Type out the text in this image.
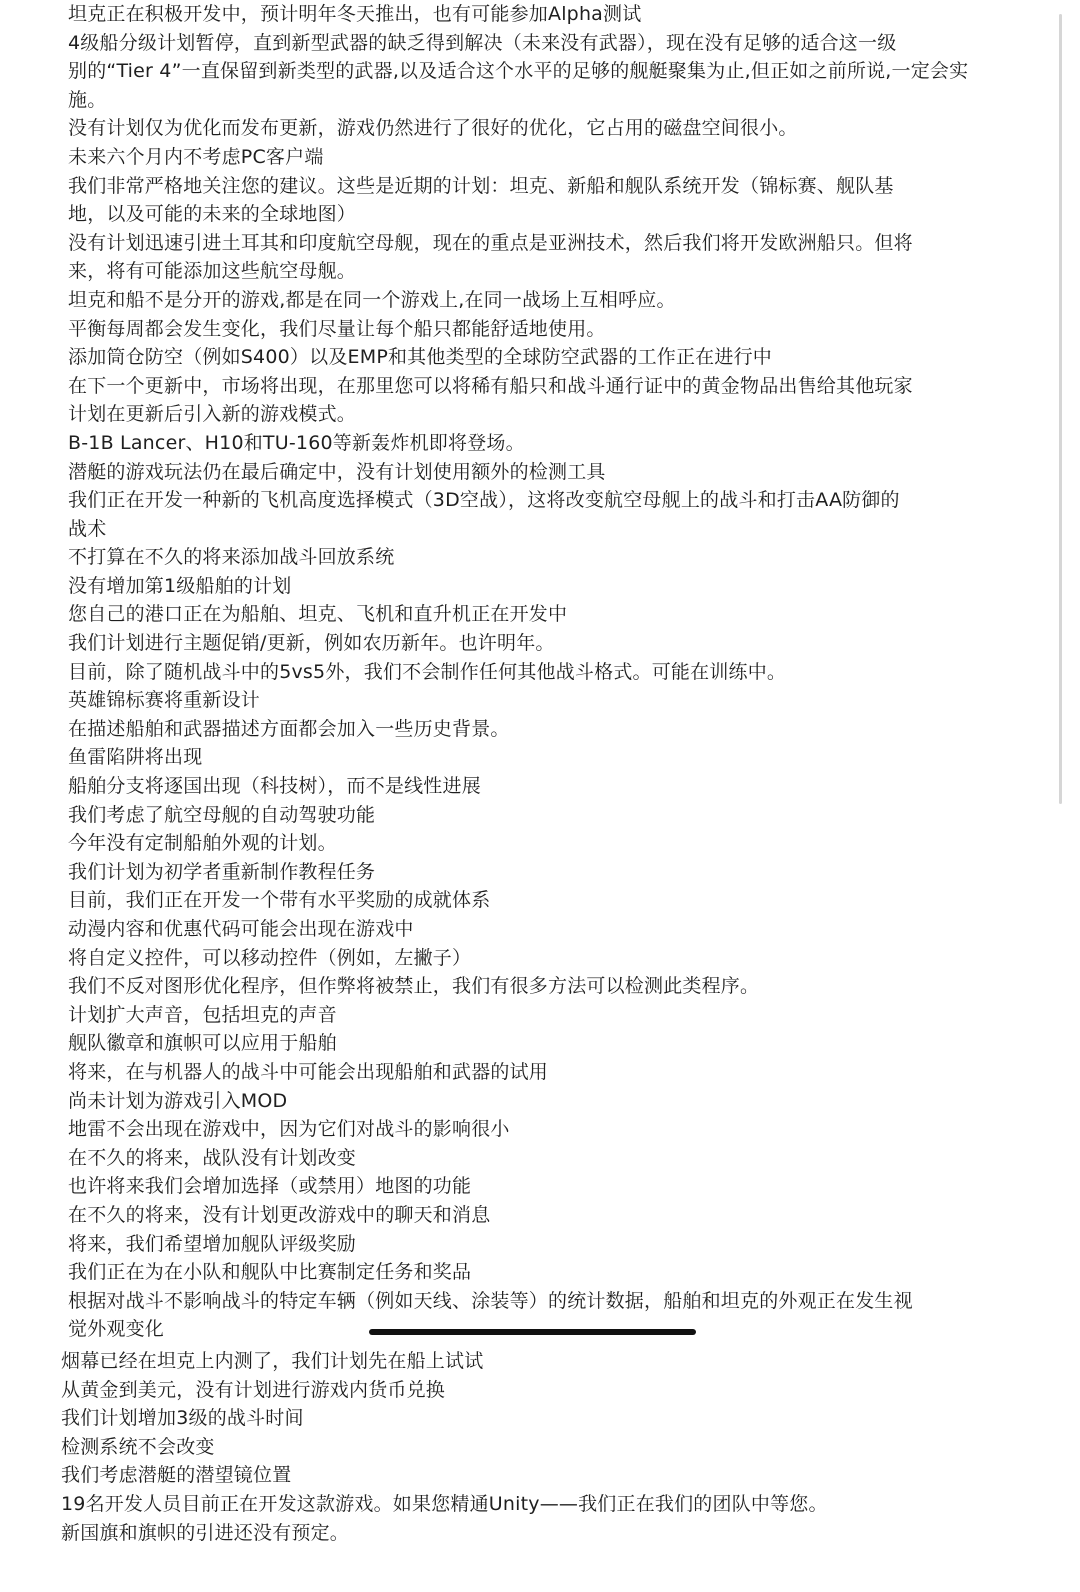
坦克正在积极开发中，预计明年冬天推出，也有可能参加Alpha测试
4级船分级计划暂停，直到新型武器的缺乏得到解决（未来没有武器），现在没有足够的适合这一级
别的“Tier 4”一直保留到新类型的武器,以及适合这个水平的足够的舰艇聚集为止,但正如之前所说,一定会实
施。
没有计划仅为优化而发布更新，游戏仍然进行了很好的优化，它占用的磁盘空间很小。
未来六个月内不考虑PC客户端
我们非常严格地关注您的建议。这些是近期的计划：坦克、新船和舰队系统开发（锦标赛、舰队基
地，以及可能的未来的全球地图）
没有计划迅速引进土耳其和印度航空母舰，现在的重点是亚洲技术，然后我们将开发欧洲船只。但将
来，将有可能添加这些航空母舰。
坦克和船不是分开的游戏,都是在同一个游戏上,在同一战场上互相呼应。
平衡每周都会发生变化，我们尽量让每个船只都能舒适地使用。
添加筒仓防空（例如S400）以及EMP和其他类型的全球防空武器的工作正在进行中
在下一个更新中，市场将出现，在那里您可以将稀有船只和战斗通行证中的黄金物品出售给其他玩家
计划在更新后引入新的游戏模式。
B-1B Lancer、H10和TU-160等新轰炸机即将登场。
潜艇的游戏玩法仍在最后确定中，没有计划使用额外的检测工具
我们正在开发一种新的飞机高度选择模式（3D空战），这将改变航空母舰上的战斗和打击AA防御的
战术
不打算在不久的将来添加战斗回放系统
没有增加第1级船舶的计划
您自己的港口正在为船舶、坦克、飞机和直升机正在开发中
我们计划进行主题促销/更新，例如农历新年。也许明年。
目前，除了随机战斗中的5vs5外，我们不会制作任何其他战斗格式。可能在训练中。
英雄锦标赛将重新设计
在描述船舶和武器描述方面都会加入一些历史背景。
鱼雷陷阱将出现
船舶分支将逐国出现（科技树），而不是线性进展
我们考虑了航空母舰的自动驾驶功能
今年没有定制船舶外观的计划。
我们计划为初学者重新制作教程任务
目前，我们正在开发一个带有水平奖励的成就体系
动漫内容和优惠代码可能会出现在游戏中
将自定义控件，可以移动控件（例如，左撇子）
我们不反对图形优化程序，但作弊将被禁止，我们有很多方法可以检测此类程序。
计划扩大声音，包括坦克的声音
舰队徽章和旗帜可以应用于船舶
将来，在与机器人的战斗中可能会出现船舶和武器的试用
尚未计划为游戏引入MOD
地雷不会出现在游戏中，因为它们对战斗的影响很小
在不久的将来，战队没有计划改变
也许将来我们会增加选择（或禁用）地图的功能
在不久的将来，没有计划更改游戏中的聊天和消息
将来，我们希望增加舰队评级奖励
我们正在为在小队和舰队中比赛制定任务和奖品
根据对战斗不影响战斗的特定车辆（例如天线、涂装等）的统计数据，船舶和坦克的外观正在发生视
觉外观变化
烟幕已经在坦克上内测了，我们计划先在船上试试
从黄金到美元，没有计划进行游戏内货币兑换
我们计划增加3级的战斗时间
检测系统不会改变
我们考虑潜艇的潜望镜位置
19名开发人员目前正在开发这款游戏。如果您精通Unity——我们正在我们的团队中等您。
新国旗和旗帜的引进还没有预定。
